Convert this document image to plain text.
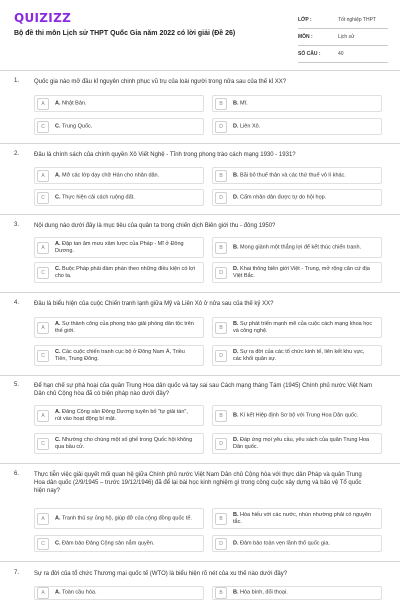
QUIZIZZ
Bộ đề thi môn Lịch sử THPT Quốc Gia năm 2022 có lời giải (Đề 26)
LỚP :	Tốt nghiệp THPT
MÔN :	Lịch sử
SỐ CÂU :	40
1. Quốc gia nào mở đầu kỉ nguyên chinh phục vũ trụ của loài người trong nửa sau của thế kỉ XX?
A	A. Nhật Bản.	B	B. Mĩ.
C	C. Trung Quốc.	D	D. Liên Xô.
2. Đâu là chính sách của chính quyền Xô Viết Nghệ - Tĩnh trong phong trào cách mạng 1930 - 1931?
A	A. Mở các lớp dạy chữ Hán cho nhân dân.	B	B. Bãi bỏ thuế thân và các thứ thuế vô lí khác.
C	C. Thực hiện cải cách ruộng đất.	D	D. Cấm nhân dân được tự do hội họp.
3. Nội dung nào dưới đây là mục tiêu của quân ta trong chiến dịch Biên giới thu - đông 1950?
A
A. Đập tan âm mưu xâm lược của Pháp - Mĩ ở Đông Dương.	B	B. Mong giành một thắng lợi để kết thúc chiến tranh.
C
C. Buộc Pháp phải đàm phán theo những điều kiện có lợi cho ta.	D
D. Khai thông biên giới Việt - Trung, mở rộng căn cứ địa Việt Bắc.
4. Đâu là biểu hiện của cuộc Chiến tranh lạnh giữa Mỹ và Liên Xô ở nửa sau của thế kỷ XX?
A
A. Sự thành công của phong trào giải phóng dân tộc trên thế giới.	B
B. Sự phát triển mạnh mẽ của cuộc cách mạng khoa học và công nghệ.
C
C. Các cuộc chiến tranh cục bộ ở Đông Nam Á, Triều Tiên, Trung Đông.	D
D. Sự ra đời của các tổ chức kinh tế, liên kết khu vực, các khối quân sự.
5. Để hạn chế sự phá hoại của quân Trung Hoa dân quốc và tay sai sau Cách mạng tháng Tám (1945) Chính phủ nước Việt Nam Dân chủ Cộng hòa đã có biện pháp nào dưới đây?
A
A. Đảng Cộng sản Đông Dương tuyên bố "tự giải tán", rút vào hoạt động bí mật.	B	B. Kí kết Hiệp định Sơ bộ với Trung Hoa Dân quốc.
C
C. Nhường cho chúng một số ghế trong Quốc hội không qua bầu cử.	D
D. Đáp ứng mọi yêu cầu, yêu sách của quân Trung Hoa Dân quốc.
6. Thực tiễn việc giải quyết mối quan hệ giữa Chính phủ nước Việt Nam Dân chủ Cộng hòa với thực dân Pháp và quân Trung Hoa dân quốc (2/9/1945 – trước 19/12/1946) đã để lại bài học kinh nghiệm gì trong công cuộc xây dựng và bảo vệ Tổ quốc hiện nay?
A	A. Tranh thủ sự ủng hộ, giúp đỡ của cộng đồng quốc tế.	B
B. Hòa hiếu với các nước, nhún nhường phải có nguyên tắc.
C	C. Đảm bảo Đảng Cộng sản nắm quyền.	D	D. Đảm bảo toàn vẹn lãnh thổ quốc gia.
7. Sự ra đời của tổ chức Thương mại quốc tế (WTO) là biểu hiện rõ nét của xu thế nào dưới đây?
A	A. Toàn cầu hóa.	B	B. Hòa bình, đối thoại.
